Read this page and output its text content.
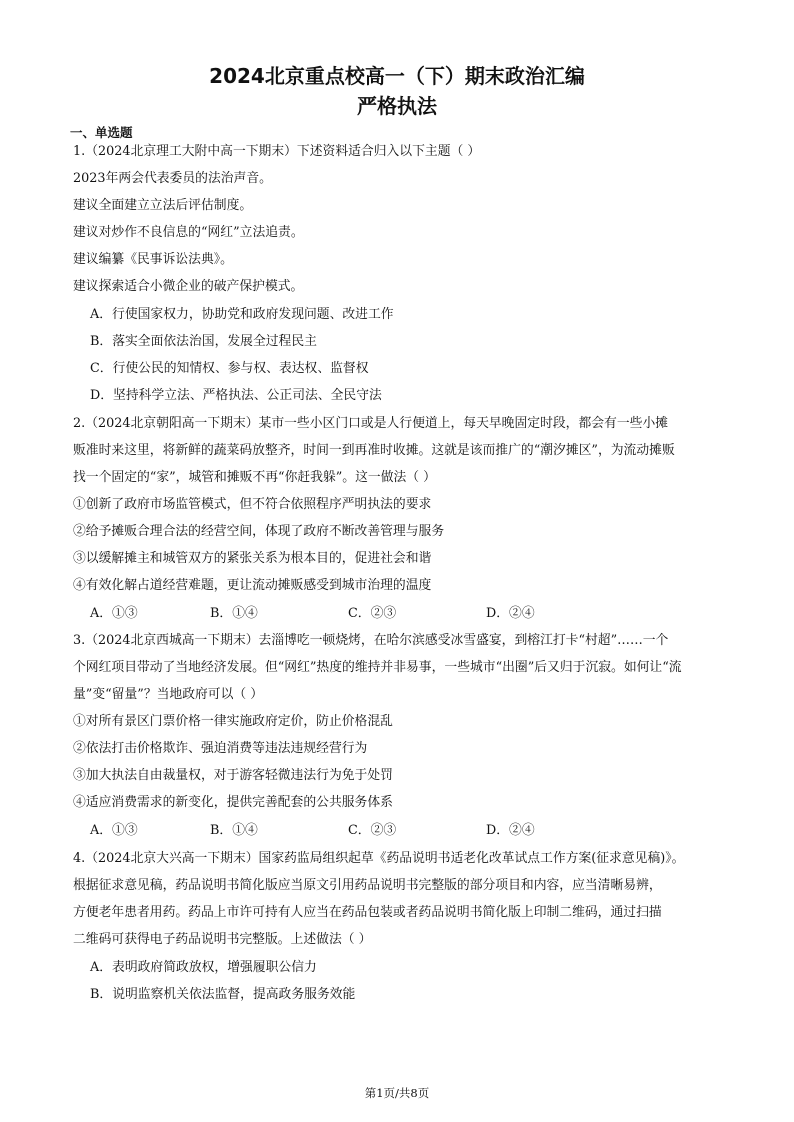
2024北京重点校高一（下）期末政治汇编
严格执法
一、单选题
1.（2024北京理工大附中高一下期末）下述资料适合归入以下主题（ ）
2023年两会代表委员的法治声音。
建议全面建立立法后评估制度。
建议对炒作不良信息的“网红”立法追责。
建议编纂《民事诉讼法典》。
建议探索适合小微企业的破产保护模式。
A．行使国家权力，协助党和政府发现问题、改进工作
B．落实全面依法治国，发展全过程民主
C．行使公民的知情权、参与权、表达权、监督权
D．坚持科学立法、严格执法、公正司法、全民守法
2.（2024北京朝阳高一下期末）某市一些小区门口或是人行便道上，每天早晚固定时段，都会有一些小摊
贩准时来这里，将新鲜的蔬菜码放整齐，时间一到再准时收摊。这就是该而推广的“潮汐摊区”，为流动摊贩
找一个固定的“家”，城管和摊贩不再“你赶我躲”。这一做法（ ）
①创新了政府市场监管模式，但不符合依照程序严明执法的要求
②给予摊贩合理合法的经营空间，体现了政府不断改善管理与服务
③以缓解摊主和城管双方的紧张关系为根本目的，促进社会和谐
④有效化解占道经营难题，更让流动摊贩感受到城市治理的温度
A．①③	B．①④	C．②③	D．②④
3.（2024北京西城高一下期末）去淄博吃一顿烧烤，在哈尔滨感受冰雪盛宴，到榕江打卡“村超”……一个
个网红项目带动了当地经济发展。但“网红”热度的维持并非易事，一些城市“出圈”后又归于沉寂。如何让“流
量”变“留量”？当地政府可以（ ）
①对所有景区门票价格一律实施政府定价，防止价格混乱
②依法打击价格欺诈、强迫消费等违法违规经营行为
③加大执法自由裁量权，对于游客轻微违法行为免于处罚
④适应消费需求的新变化，提供完善配套的公共服务体系
A．①③	B．①④	C．②③	D．②④
4.（2024北京大兴高一下期末）国家药监局组织起草《药品说明书适老化改革试点工作方案(征求意见稿)》。
根据征求意见稿，药品说明书简化版应当原文引用药品说明书完整版的部分项目和内容，应当清晰易辨，
方便老年患者用药。药品上市许可持有人应当在药品包装或者药品说明书简化版上印制二维码，通过扫描
二维码可获得电子药品说明书完整版。上述做法（ ）
A．表明政府简政放权，增强履职公信力
B．说明监察机关依法监督，提高政务服务效能
第1页/共8页
